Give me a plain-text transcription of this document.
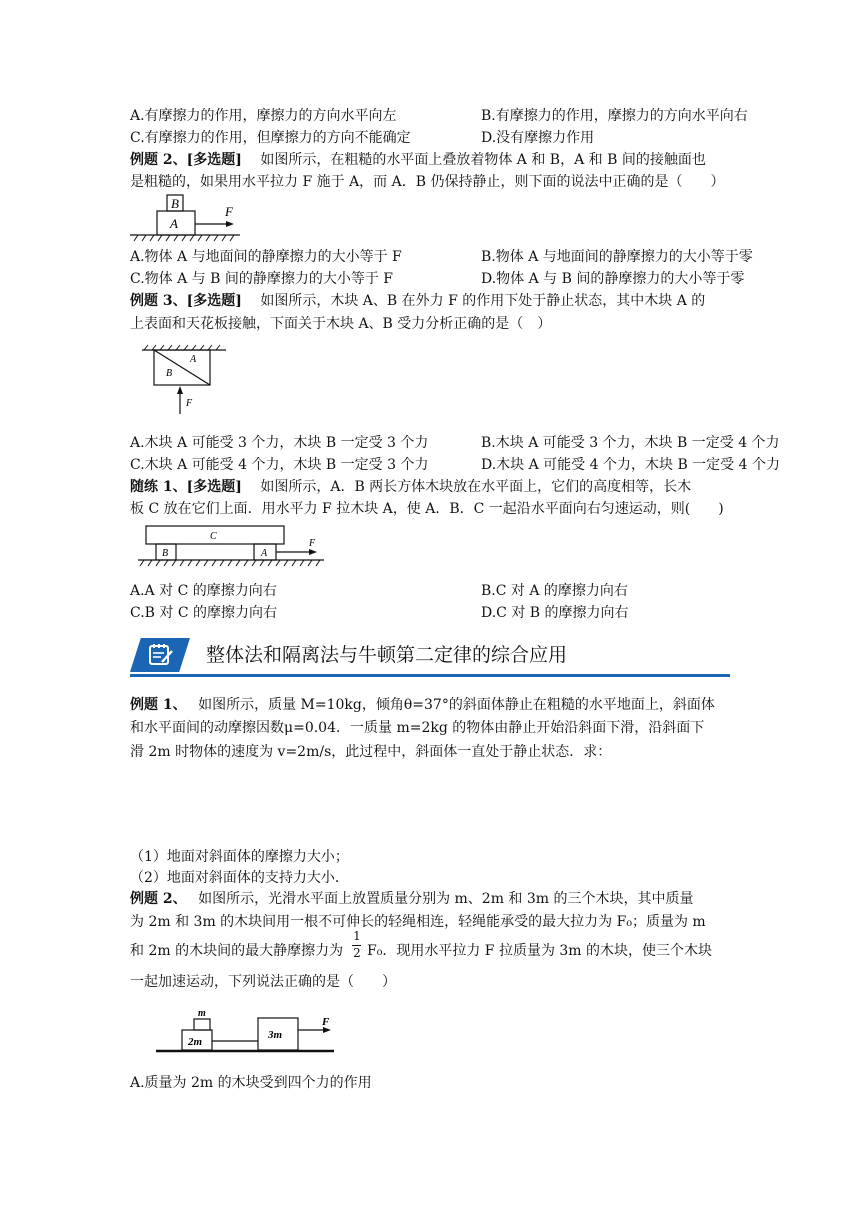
A.有摩擦力的作用，摩擦力的方向水平向左	B.有摩擦力的作用，摩擦力的方向水平向右
C.有摩擦力的作用，但摩擦力的方向不能确定	D.没有摩擦力作用
例题 2、[多选题]　 如图所示，在粗糙的水平面上叠放着物体 A 和 B，A 和 B 间的接触面也
是粗糙的，如果用水平拉力 F 施于 A，而 A．B 仍保持静止，则下面的说法中正确的是（　　）
B
A
F
A.物体 A 与地面间的静摩擦力的大小等于 F	B.物体 A 与地面间的静摩擦力的大小等于零
C.物体 A 与 B 间的静摩擦力的大小等于 F	D.物体 A 与 B 间的静摩擦力的大小等于零
例题 3、[多选题]　 如图所示，木块 A、B 在外力 F 的作用下处于静止状态，其中木块 A 的
上表面和天花板接触，下面关于木块 A、B 受力分析正确的是（　）
A
B
F
A.木块 A 可能受 3 个力，木块 B 一定受 3 个力	B.木块 A 可能受 3 个力，木块 B 一定受 4 个力
C.木块 A 可能受 4 个力，木块 B 一定受 3 个力	D.木块 A 可能受 4 个力，木块 B 一定受 4 个力
随练 1、[多选题]　 如图所示，A．B 两长方体木块放在水平面上，它们的高度相等，长木
板 C 放在它们上面．用水平力 F 拉木块 A，使 A．B．C 一起沿水平面向右匀速运动，则(　　)
C
B	A
F
A.A 对 C 的摩擦力向右	B.C 对 A 的摩擦力向右
C.B 对 C 的摩擦力向右	D.C 对 B 的摩擦力向右
整体法和隔离法与牛顿第二定律的综合应用
例题 1、　 如图所示，质量 M=10kg，倾角θ=37°的斜面体静止在粗糙的水平地面上，斜面体
和水平面间的动摩擦因数μ=0.04．一质量 m=2kg 的物体由静止开始沿斜面下滑，沿斜面下
滑 2m 时物体的速度为 v=2m/s，此过程中，斜面体一直处于静止状态．求：
（1）地面对斜面体的摩擦力大小；
（2）地面对斜面体的支持力大小．
例题 2、　 如图所示，光滑水平面上放置质量分别为 m、2m 和 3m 的三个木块，其中质量
为 2m 和 3m 的木块间用一根不可伸长的轻绳相连，轻绳能承受的最大拉力为 F₀；质量为 m
和 2m 的木块间的最大静摩擦力为
1
2 F₀．现用水平拉力 F 拉质量为 3m 的木块，使三个木块
一起加速运动，下列说法正确的是（　　）
m
2m
3m
F
A.质量为 2m 的木块受到四个力的作用
